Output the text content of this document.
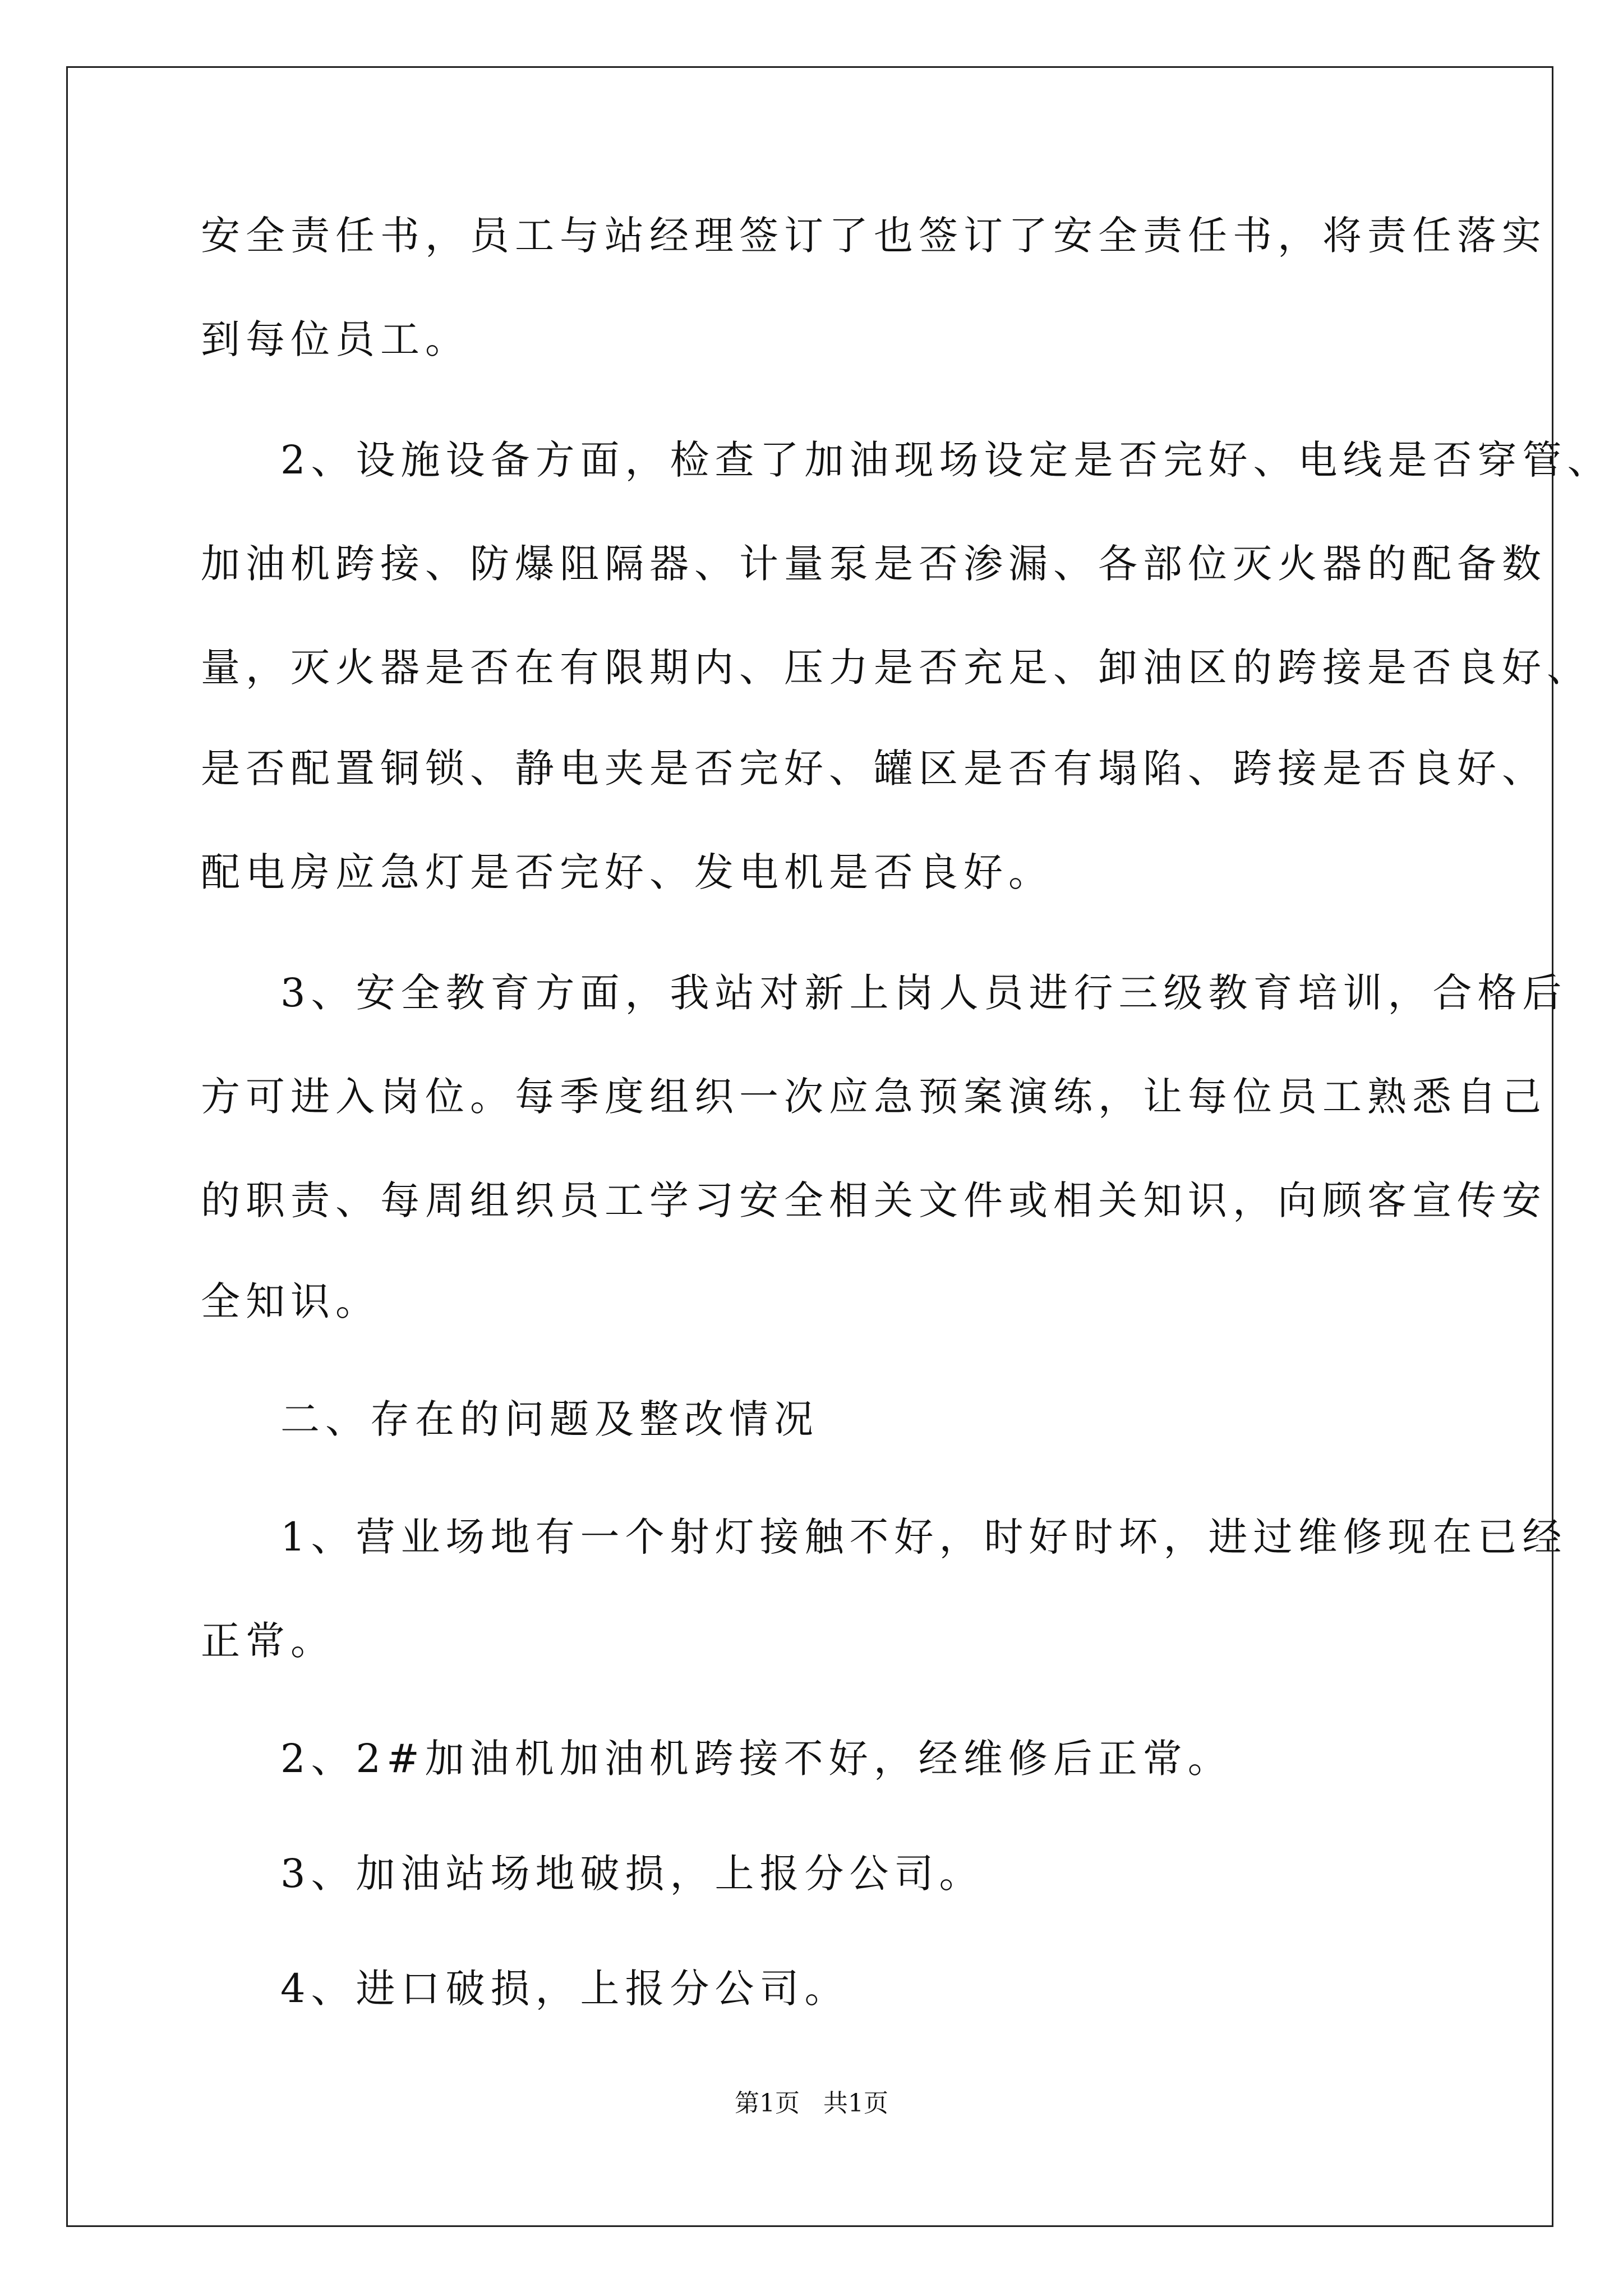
安全责任书，员工与站经理签订了也签订了安全责任书，将责任落实
到每位员工。
2、设施设备方面，检查了加油现场设定是否完好、电线是否穿管、
加油机跨接、防爆阻隔器、计量泵是否渗漏、各部位灭火器的配备数
量，灭火器是否在有限期内、压力是否充足、卸油区的跨接是否良好、
是否配置铜锁、静电夹是否完好、罐区是否有塌陷、跨接是否良好、
配电房应急灯是否完好、发电机是否良好。
3、安全教育方面，我站对新上岗人员进行三级教育培训，合格后
方可进入岗位。每季度组织一次应急预案演练，让每位员工熟悉自己
的职责、每周组织员工学习安全相关文件或相关知识，向顾客宣传安
全知识。
二、存在的问题及整改情况
1、营业场地有一个射灯接触不好，时好时坏，进过维修现在已经
正常。
2、2#加油机加油机跨接不好，经维修后正常。
3、加油站场地破损，上报分公司。
4、进口破损，上报分公司。
第1页   共1页
